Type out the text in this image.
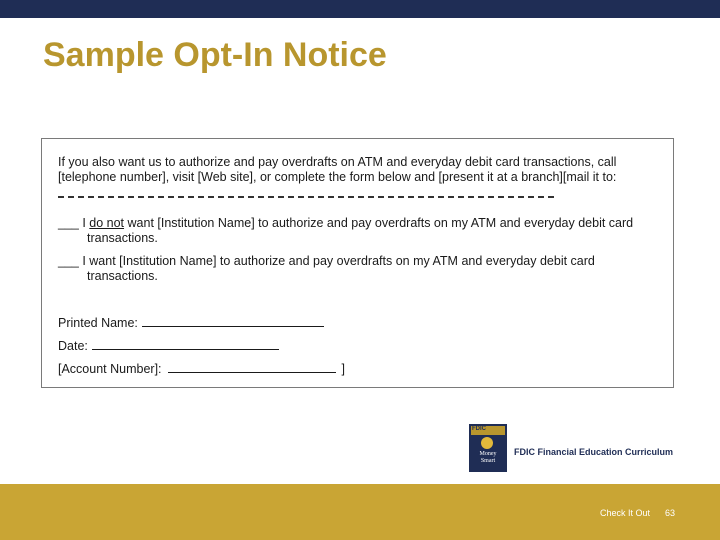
Sample Opt-In Notice
If you also want us to authorize and pay overdrafts on ATM and everyday debit card transactions, call
[telephone number], visit [Web site], or complete the form below and [present it at a branch][mail it to:
___ I do not want [Institution Name] to authorize and pay overdrafts on my ATM and everyday debit card
transactions.
___ I want [Institution Name] to authorize and pay overdrafts on my ATM and everyday debit card
transactions.
Printed Name:
Date:
[Account Number]:	]
FDIC
Money Smart
FDIC Financial Education Curriculum
Check It Out 63
